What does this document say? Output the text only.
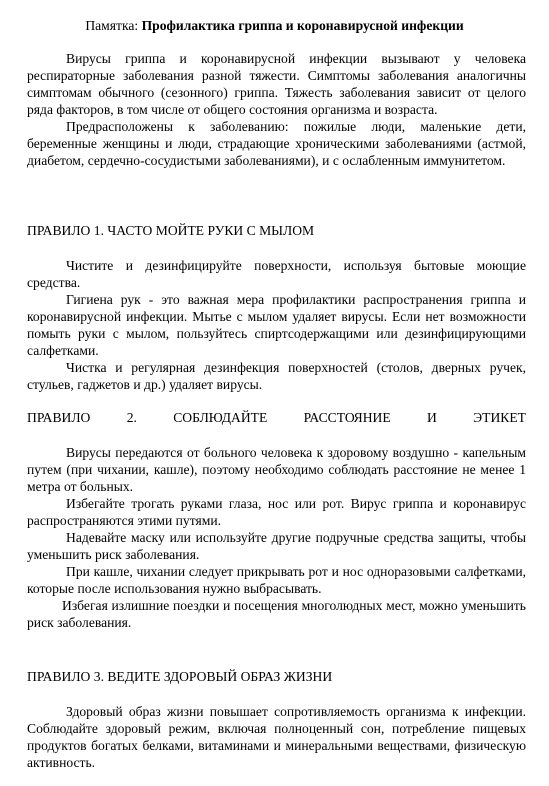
Памятка: Профилактика гриппа и коронавирусной инфекции

Вирусы гриппа и коронавирусной инфекции вызывают у человека респираторные заболевания разной тяжести. Симптомы заболевания аналогичны симптомам обычного (сезонного) гриппа. Тяжесть заболевания зависит от целого ряда факторов, в том числе от общего состояния организма и возраста.

Предрасположены к заболеванию: пожилые люди, маленькие дети, беременные женщины и люди, страдающие хроническими заболеваниями (астмой, диабетом, сердечно-сосудистыми заболеваниями), и с ослабленным иммунитетом.

ПРАВИЛО 1. ЧАСТО МОЙТЕ РУКИ С МЫЛОМ

Чистите и дезинфицируйте поверхности, используя бытовые моющие средства.

Гигиена рук - это важная мера профилактики распространения гриппа и коронавирусной инфекции. Мытье с мылом удаляет вирусы. Если нет возможности помыть руки с мылом, пользуйтесь спиртсодержащими или дезинфицирующими салфетками.

Чистка и регулярная дезинфекция поверхностей (столов, дверных ручек, стульев, гаджетов и др.) удаляет вирусы.

ПРАВИЛО	2.	СОБЛЮДАЙТЕ	РАССТОЯНИЕ	И	ЭТИКЕТ

Вирусы передаются от больного человека к здоровому воздушно - капельным путем (при чихании, кашле), поэтому необходимо соблюдать расстояние не менее 1 метра от больных.

Избегайте трогать руками глаза, нос или рот. Вирус гриппа и коронавирус распространяются этими путями.

Надевайте маску или используйте другие подручные средства защиты, чтобы уменьшить риск заболевания.

При кашле, чихании следует прикрывать рот и нос одноразовыми салфетками, которые после использования нужно выбрасывать.

Избегая излишние поездки и посещения многолюдных мест, можно уменьшить риск заболевания.

ПРАВИЛО 3. ВЕДИТЕ ЗДОРОВЫЙ ОБРАЗ ЖИЗНИ

Здоровый образ жизни повышает сопротивляемость организма к инфекции. Соблюдайте здоровый режим, включая полноценный сон, потребление пищевых продуктов богатых белками, витаминами и минеральными веществами, физическую активность.
